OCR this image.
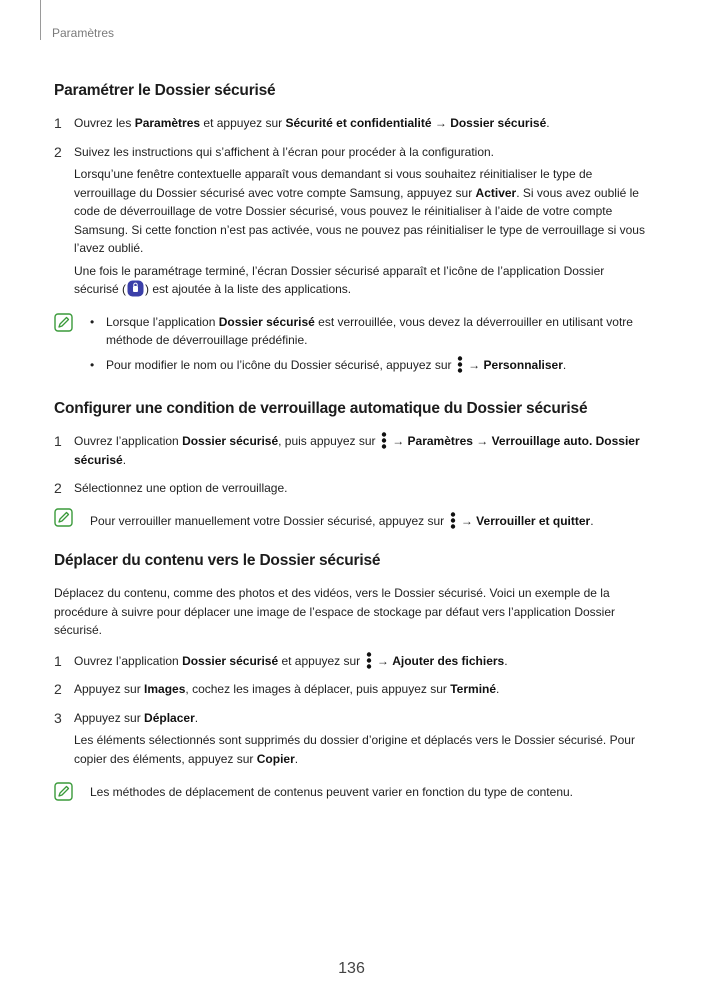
Paramètres
Paramétrer le Dossier sécurisé
1	Ouvrez les Paramètres et appuyez sur Sécurité et confidentialité → Dossier sécurisé.
2	Suivez les instructions qui s’affichent à l’écran pour procéder à la configuration.

Lorsqu’une fenêtre contextuelle apparaît vous demandant si vous souhaitez réinitialiser le type de verrouillage du Dossier sécurisé avec votre compte Samsung, appuyez sur Activer. Si vous avez oublié le code de déverrouillage de votre Dossier sécurisé, vous pouvez le réinitialiser à l’aide de votre compte Samsung. Si cette fonction n’est pas activée, vous ne pouvez pas réinitialiser le type de verrouillage si vous l’avez oublié.

Une fois le paramétrage terminé, l’écran Dossier sécurisé apparaît et l’icône de l’application Dossier sécurisé ( ) est ajoutée à la liste des applications.

• Lorsque l’application Dossier sécurisé est verrouillée, vous devez la déverrouiller en utilisant votre méthode de déverrouillage prédéfinie.
• Pour modifier le nom ou l’icône du Dossier sécurisé, appuyez sur  → Personnaliser.
Configurer une condition de verrouillage automatique du Dossier sécurisé
1	Ouvrez l’application Dossier sécurisé, puis appuyez sur  → Paramètres → Verrouillage auto. Dossier sécurisé.
2	Sélectionnez une option de verrouillage.
Pour verrouiller manuellement votre Dossier sécurisé, appuyez sur  → Verrouiller et quitter.
Déplacer du contenu vers le Dossier sécurisé

Déplacez du contenu, comme des photos et des vidéos, vers le Dossier sécurisé. Voici un exemple de la procédure à suivre pour déplacer une image de l’espace de stockage par défaut vers l’application Dossier sécurisé.

1	Ouvrez l’application Dossier sécurisé et appuyez sur  → Ajouter des fichiers.
2	Appuyez sur Images, cochez les images à déplacer, puis appuyez sur Terminé.
3	Appuyez sur Déplacer.

Les éléments sélectionnés sont supprimés du dossier d’origine et déplacés vers le Dossier sécurisé. Pour copier des éléments, appuyez sur Copier.

Les méthodes de déplacement de contenus peuvent varier en fonction du type de contenu.
136
